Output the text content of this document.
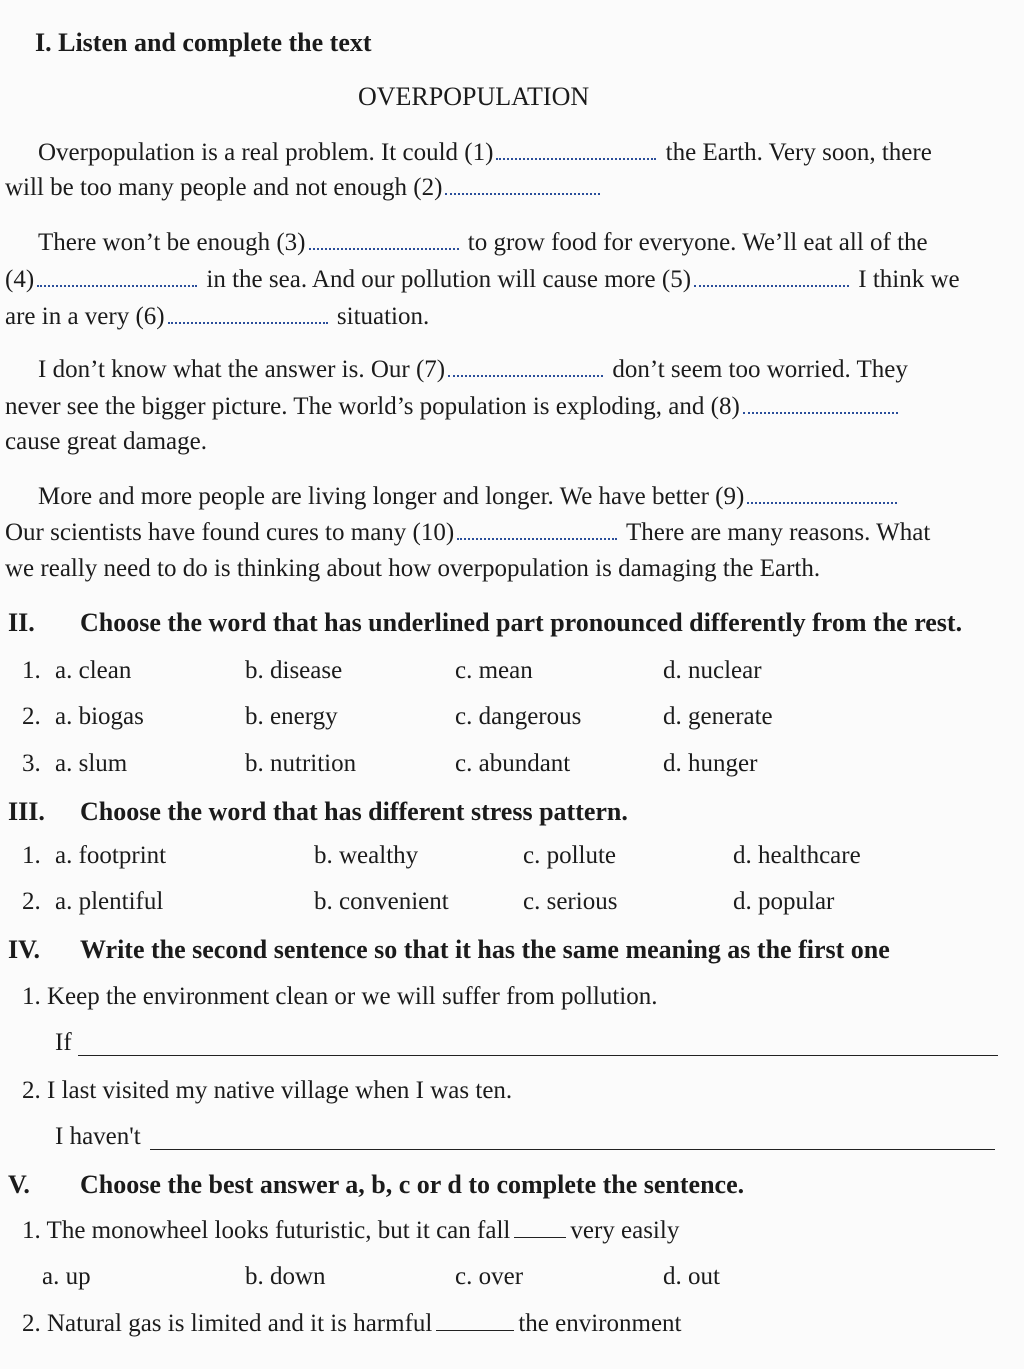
I. Listen and complete the text
OVERPOPULATION
Overpopulation is a real problem. It could (1)	the Earth. Very soon, there
will be too many people and not enough (2)
There won’t be enough (3)	to grow food for everyone. We’ll eat all of the
(4)	in the sea. And our pollution will cause more (5)	I think we
are in a very (6)	situation.
I don’t know what the answer is. Our (7)	don’t seem too worried. They
never see the bigger picture. The world’s population is exploding, and (8)
cause great damage.
More and more people are living longer and longer. We have better (9)
Our scientists have found cures to many (10)	There are many reasons. What
we really need to do is thinking about how overpopulation is damaging the Earth.
II. Choose the word that has underlined part pronounced differently from the rest.
1. a. clean	b. disease	c. mean	d. nuclear
2. a. biogas	b. energy	c. dangerous	d. generate
3. a. slum	b. nutrition	c. abundant	d. hunger
III. Choose the word that has different stress pattern.
1. a. footprint	b. wealthy	c. pollute	d. healthcare
2. a. plentiful	b. convenient	c. serious	d. popular
IV. Write the second sentence so that it has the same meaning as the first one
1. Keep the environment clean or we will suffer from pollution.
If
2. I last visited my native village when I was ten.
I haven't
V. Choose the best answer a, b, c or d to complete the sentence.
1. The monowheel looks futuristic, but it can fall very easily
a. up	b. down	c. over	d. out
2. Natural gas is limited and it is harmful	the environment
